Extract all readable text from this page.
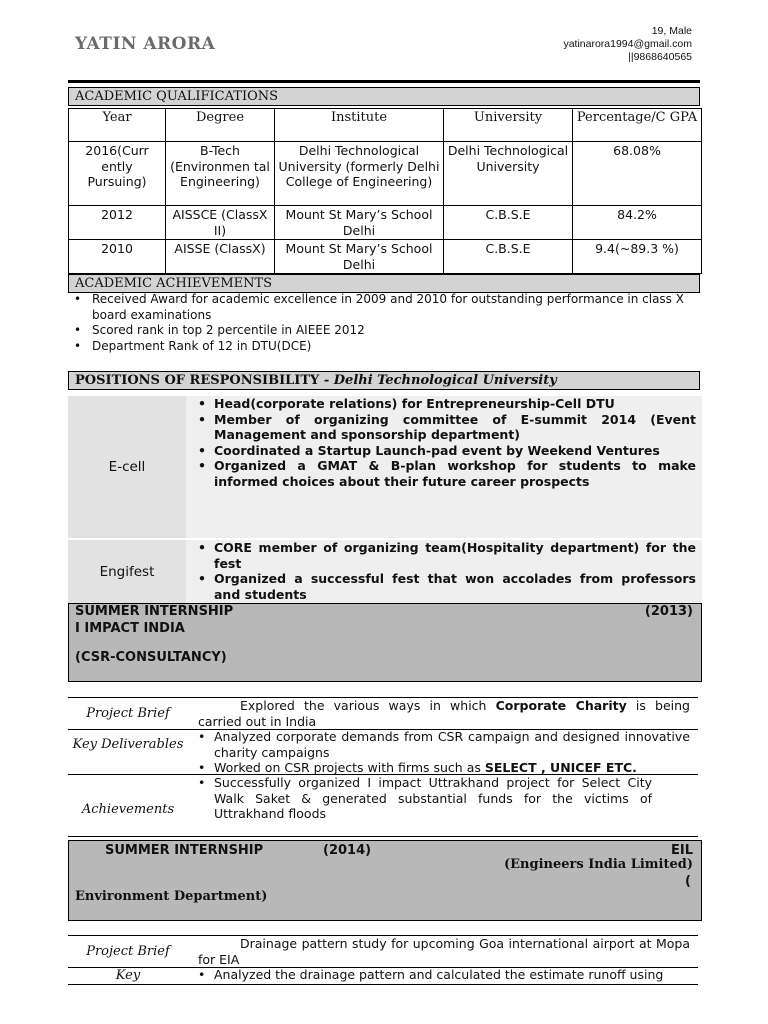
YATIN ARORA
19, Male
yatinarora1994@gmail.com
||9868640565
ACADEMIC QUALIFICATIONS
Year	Degree	Institute	University	Percentage/C GPA
2016(Curr ently Pursuing)	B-Tech (Environmen tal Engineering)	Delhi Technological University (formerly Delhi College of Engineering)	Delhi Technological University	68.08%
2012	AISSCE (ClassX II)	Mount St Mary’s School Delhi	C.B.S.E	84.2%
2010	AISSE (ClassX)	Mount St Mary’s School Delhi	C.B.S.E	9.4(~89.3 %)
ACADEMIC ACHIEVEMENTS
• Received Award for academic excellence in 2009 and 2010 for outstanding performance in class X board examinations
• Scored rank in top 2 percentile in AIEEE 2012
• Department Rank of 12 in DTU(DCE)
POSITIONS OF RESPONSIBILITY - Delhi Technological University
E-cell
• Head(corporate relations) for Entrepreneurship-Cell DTU
• Member of organizing committee of E-summit 2014 (Event Management and sponsorship department)
• Coordinated a Startup Launch-pad event by Weekend Ventures
• Organized a GMAT & B-plan workshop for students to make informed choices about their future career prospects
Engifest
• CORE member of organizing team(Hospitality department) for the fest
• Organized a successful fest that won accolades from professors and students
SUMMER INTERNSHIP	(2013)
I IMPACT INDIA
(CSR-CONSULTANCY)
Project Brief
Explored the various ways in which Corporate Charity is being carried out in India
Key Deliverables
• Analyzed corporate demands from CSR campaign and designed innovative charity campaigns
• Worked on CSR projects with firms such as SELECT , UNICEF ETC.
Achievements
• Successfully organized I impact Uttrakhand project for Select City Walk Saket & generated substantial funds for the victims of Uttrakhand floods
SUMMER INTERNSHIP	(2014)	EIL
(Engineers India Limited)
(
Environment Department)
Project Brief
Drainage pattern study for upcoming Goa international airport at Mopa for EIA
Key	• Analyzed the drainage pattern and calculated the estimate runoff using
